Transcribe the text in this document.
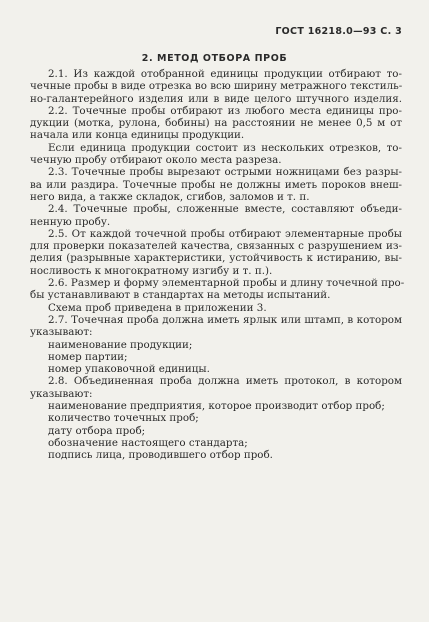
ГОСТ 16218.0—93 С. 3
2. МЕТОД ОТБОРА ПРОБ
2.1. Из каждой отобранной единицы продукции отбирают то-
чечные пробы в виде отрезка во всю ширину метражного текстиль-
но-галантерейного изделия или в виде целого штучного изделия.
2.2. Точечные пробы отбирают из любого места единицы про-
дукции (мотка, рулона, бобины) на расстоянии не менее 0,5 м от
начала или конца единицы продукции.
Если единица продукции состоит из нескольких отрезков, то-
чечную пробу отбирают около места разреза.
2.3. Точечные пробы вырезают острыми ножницами без разры-
ва или раздира. Точечные пробы не должны иметь пороков внеш-
него вида, а также складок, сгибов, заломов и т. п.
2.4. Точечные пробы, сложенные вместе, составляют объеди-
ненную пробу.
2.5. От каждой точечной пробы отбирают элементарные пробы
для проверки показателей качества, связанных с разрушением из-
делия (разрывные характеристики, устойчивость к истиранию, вы-
носливость к многократному изгибу и т. п.).
2.6. Размер и форму элементарной пробы и длину точечной про-
бы устанавливают в стандартах на методы испытаний.
Схема проб приведена в приложении 3.
2.7. Точечная проба должна иметь ярлык или штамп, в котором
указывают:
наименование продукции;
номер партии;
номер упаковочной единицы.
2.8. Объединенная проба должна иметь протокол, в котором
указывают:
наименование предприятия, которое производит отбор проб;
количество точечных проб;
дату отбора проб;
обозначение настоящего стандарта;
подпись лица, проводившего отбор проб.
